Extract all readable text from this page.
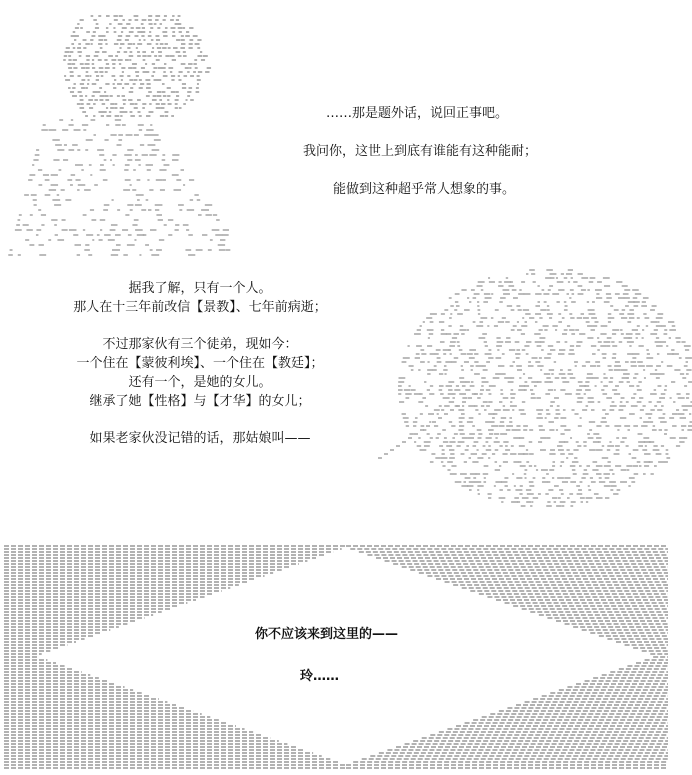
……那是题外话，说回正事吧。
我问你，这世上到底有谁能有这种能耐；
能做到这种超乎常人想象的事。
据我了解，只有一个人。
那人在十三年前改信【景教】、七年前病逝；
不过那家伙有三个徒弟，现如今：
一个住在【蒙彼利埃】、一个住在【教廷】；
还有一个，是她的女儿。
继承了她【性格】与【才华】的女儿；
如果老家伙没记错的话，那姑娘叫——
你不应该来到这里的——
玲……
